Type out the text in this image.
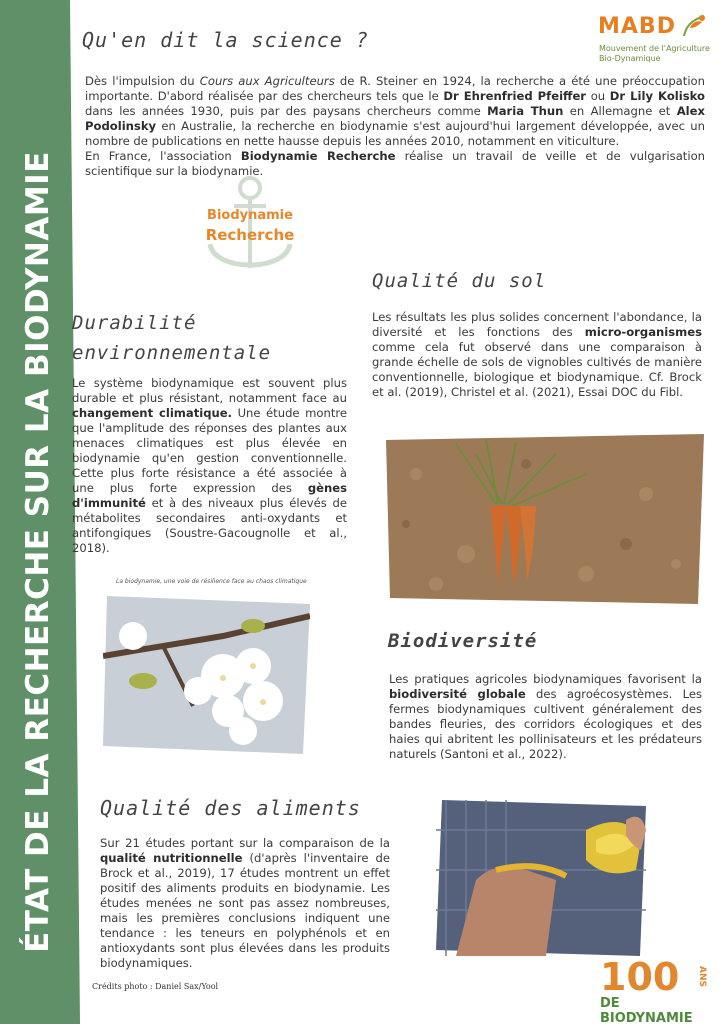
ÉTAT DE LA RECHERCHE SUR LA BIODYNAMIE
MABD
Mouvement de l'Agriculture
Bio-Dynamique
Qu'en dit la science ?
Dès l'impulsion du Cours aux Agriculteurs de R. Steiner en 1924, la recherche a été une préoccupation importante. D'abord réalisée par des chercheurs tels que le Dr Ehrenfried Pfeiffer ou Dr Lily Kolisko dans les années 1930, puis par des paysans chercheurs comme Maria Thun en Allemagne et Alex Podolinsky en Australie, la recherche en biodynamie s'est aujourd'hui largement développée, avec un nombre de publications en nette hausse depuis les années 2010, notamment en viticulture.
En France, l'association Biodynamie Recherche réalise un travail de veille et de vulgarisation scientifique sur la biodynamie.
Biodynamie
Recherche
Qualité du sol
Les résultats les plus solides concernent l'abondance, la diversité et les fonctions des micro-organismes comme cela fut observé dans une comparaison à grande échelle de sols de vignobles cultivés de manière conventionnelle, biologique et biodynamique. Cf. Brock et al. (2019), Christel et al. (2021), Essai DOC du Fibl.
Durabilité
environnementale
Le système biodynamique est souvent plus durable et plus résistant, notamment face au changement climatique. Une étude montre que l'amplitude des réponses des plantes aux menaces climatiques est plus élevée en biodynamie qu'en gestion conventionnelle. Cette plus forte résistance a été associée à une plus forte expression des gènes d'immunité et à des niveaux plus élevés de métabolites secondaires anti-oxydants et antifongiques (Soustre-Gacougnolle et al., 2018).
La biodynamie, une voie de résilience face au chaos climatique
Biodiversité
Les pratiques agricoles biodynamiques favorisent la biodiversité globale des agroécosystèmes. Les fermes biodynamiques cultivent généralement des bandes fleuries, des corridors écologiques et des haies qui abritent les pollinisateurs et les prédateurs naturels (Santoni et al., 2022).
Qualité des aliments
Sur 21 études portant sur la comparaison de la qualité nutritionnelle (d'après l'inventaire de Brock et al., 2019), 17 études montrent un effet positif des aliments produits en biodynamie. Les études menées ne sont pas assez nombreuses, mais les premières conclusions indiquent une tendance : les teneurs en polyphénols et en antioxydants sont plus élevées dans les produits biodynamiques.
Crédits photo : Daniel Sax/Yool	100 ANS
DE BIODYNAMIE
